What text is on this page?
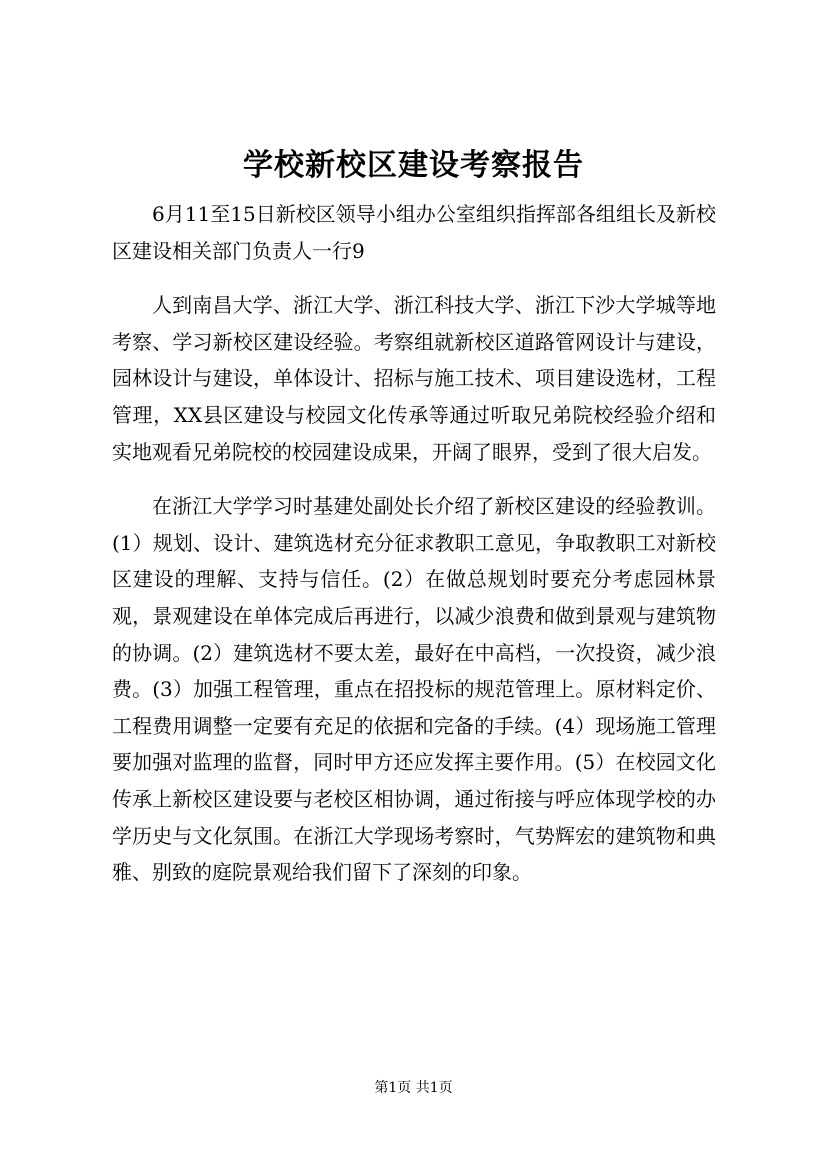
学校新校区建设考察报告

6月11至15日新校区领导小组办公室组织指挥部各组组长及新校区建设相关部门负责人一行9

人到南昌大学、浙江大学、浙江科技大学、浙江下沙大学城等地考察、学习新校区建设经验。考察组就新校区道路管网设计与建设，园林设计与建设，单体设计、招标与施工技术、项目建设选材，工程管理，XX县区建设与校园文化传承等通过听取兄弟院校经验介绍和实地观看兄弟院校的校园建设成果，开阔了眼界，受到了很大启发。

在浙江大学学习时基建处副处长介绍了新校区建设的经验教训。(1）规划、设计、建筑选材充分征求教职工意见，争取教职工对新校区建设的理解、支持与信任。(2）在做总规划时要充分考虑园林景观，景观建设在单体完成后再进行，以减少浪费和做到景观与建筑物的协调。(2）建筑选材不要太差，最好在中高档，一次投资，减少浪费。(3）加强工程管理，重点在招投标的规范管理上。原材料定价、工程费用调整一定要有充足的依据和完备的手续。(4）现场施工管理要加强对监理的监督，同时甲方还应发挥主要作用。(5）在校园文化传承上新校区建设要与老校区相协调，通过衔接与呼应体现学校的办学历史与文化氛围。在浙江大学现场考察时，气势辉宏的建筑物和典雅、别致的庭院景观给我们留下了深刻的印象。

第1页 共1页
